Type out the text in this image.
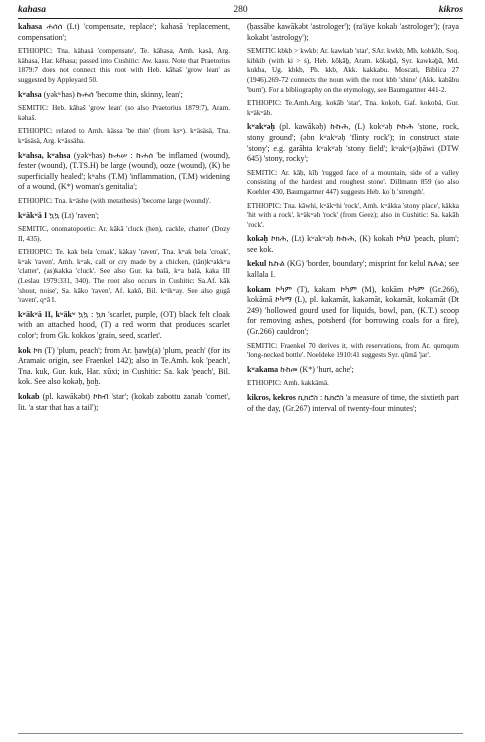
kahasa	280	kikros

kahasa ሐሰሰ (Lt) 'compensate, replace'; kahasā 'replacement, compensation';

ETHIOPIC: Tna. kähasä 'compensate', Te. kähasa, Amh. kasä, Arg. kähasa, Har. kēhasa; passed into Cushitic: Aw. kasu. Note that Praetorius 1879:7 does not connect this root with Heb. kāhaš 'grow lean' as suggested by Appleyard 50.

kʷahsa (yəkʷhas) ኩሐሰ 'become thin, skinny, lean';

SEMITIC: Heb. kāhaš 'grow lean' (so also Praetorius 1879:7), Aram. kəhaš.

ETHIOPIC: related to Amh. kässa 'be thin' (from ksʷ). kʷäsäsä, Tna. kʷäsäsä, Arg. kʷässäha.

kʷahsa, kʷahsa (yəkʷhas) ኩሐሠ : ኩሐሰ 'be inflamed (wound), fester (wound), (T.TS.H) be large (wound), ooze (wound), (K) be superficially healed'; kʷahs (T.M) 'inflammation, (T.M) widening of a wound, (K*) woman's genitalia';

ETHIOPIC: Tna. kʷäshe (with metathesis) 'become large (wound)'.

kʷākʷā I ኳኳ (Lt) 'raven';

SEMITIC, onomatopoetic: Ar. kākā 'cluck (hen), cackle, chatter' (Dozy II, 435).

ETHIOPIC: Te. kak bela 'croak', käkay 'raven', Tna. kʷak bela 'croak', kʷak 'raven', Amh. kʷak, call or cry made by a chicken, (tän)kʷakkʷa 'clatter', (as)kakka 'cluck'. See also Gur. ka balä, kʷa balä, kaka III (Leslau 1979:331, 340). The root also occurs in Cushitic: Sa.Af. kāk 'shout, noise', Sa. kāko 'raven', Af. kakō, Bil. kʷikʷay. See also gugā 'raven', qʷā I.

kʷākʷā II, kʷākʷ ኳኳ : ኳክ 'scarlet, purple, (OT) black felt cloak with an attached hood, (T) a red worm that produces scarlet color'; from Gk. kokkos 'grain, seed, scarlet'.

kok ኮክ (T) 'plum, peach'; from Ar. ḫawḫ(a) 'plum, peach' (for its Aramaic origin, see Fraenkel 142); also in Te.Amh. kok 'peach', Tna. kuk, Gur. kuk, Har. xūxi; in Cushitic: Sa. kak 'peach', Bil. kok. See also kokəḥ, ḫoḫ.

kokab (pl. kawākəbt) ኮከብ 'star'; (kokab zabottu zanab 'comet', lit. 'a star that has a tail');

(ḥassābe kawākəbt 'astrologer'); (ra'äye kokab 'astrologer'); (rəya kokabt 'astrology');

SEMITIC kbkb > kwkb: Ar. kawkab 'star', SAr. kwkb, Mh. kobkōb, Soq. kibkib (with ki > ṡ), Heb. kōḳāḇ, Aram. kōkəḇā, Syr. kawkəḇā, Md. kukba, Ug. kbkb, Ph. kkb, Akk. kakkabu. Moscati, Biblica 27 (1946).269-72 connects the noun with the root kbb 'shine' (Akk. kabābu 'burn'). For a bibliography on the etymology, see Baumgartner 441-2.

ETHIOPIC: Te.Amh.Arg. kokāb 'star', Tna. koḳob, Gaf. kokobä, Gur. kʷäkʷäb.

kʷakʷəḥ (pl. kawākəḥ) ኩኩሕ, (L) kokʷəḥ ኮኩሕ 'stone, rock, stony ground'; (əbn kʷakʷəḥ 'flinty rock'); in construct state 'stony'; e.g. garāhta kʷakʷəḥ 'stony field'; kʷakʷ(ə)ḥāwi (DTW 645) 'stony, rocky';

SEMITIC: Ar. kāḥ, kīḥ 'rugged face of a mountain, side of a valley consisting of the hardest and roughest stone'. Dillmann 859 (so also Koehler 430, Baumgartner 447) suggests Heb. koʿḥ 'strength'.

ETHIOPIC: Tna. kāwhi, kʷäkʷhi 'rock', Amh. kʷäkka 'stony place', käkka 'hit with a rock', kʷäkʷəh 'rock' (from Geez); also in Cushitic: Sa. kakāh 'rock'.

kokəḥ ኮክሕ, (Lt) kʷakʷəḥ ኩኩሕ, (K) kokah ኮካህ 'peach, plum'; see kok.

kekul ኬኩል (KG) 'border, boundary'; misprint for kelul ኬሉል; see kallala I.

kokam ኮካም (T), kakam ኮካም (M), kokām ኮካም (Gr.266), kokāmā ኮካማ (L), pl. kakamāt, kakəmāt, kokamāt, kokamāt (Dt 249) 'hollowed gourd used for liquids, bowl, pan, (K.T.) scoop for removing ashes, potsherd (for borrowing coals for a fire), (Gr.266) cauldron';

SEMITIC: Fraenkel 70 derives it, with reservations, from Ar. qumqum 'long-necked bottle'. Noeldeke 1910:41 suggests Syr. qūmā 'jar'.

kʷakama ኩከመ (K*) 'hurt, ache';

ETHIOPIC: Amh. kakkämä.

kikros, kekros ኪክሮስ : ኬክሮስ 'a measure of time, the sixtieth part of the day, (Gr.267) interval of twenty-four minutes';
